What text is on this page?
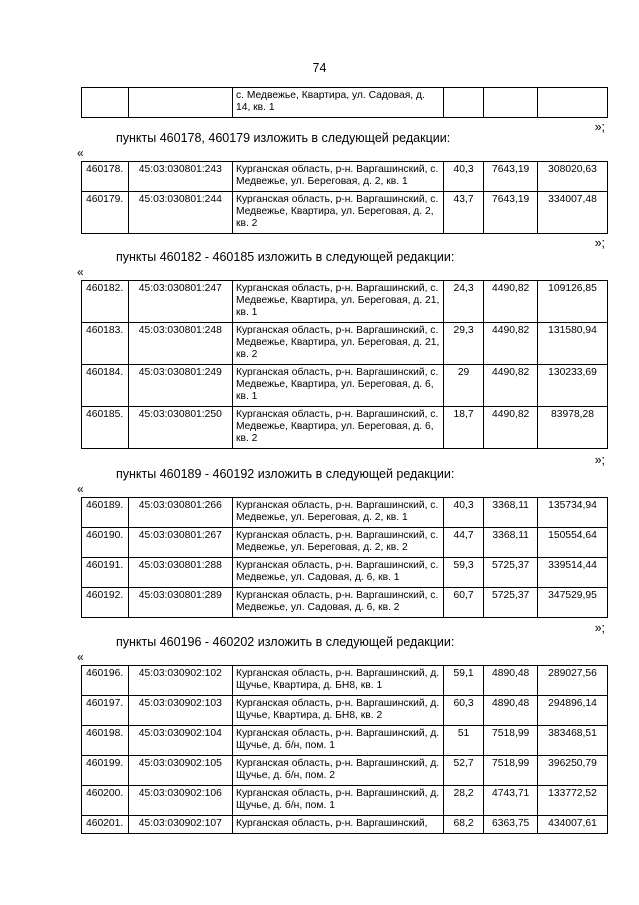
74
		с. Медвежье, Квартира, ул. Садовая, д. 14, кв. 1			
»;
пункты 460178, 460179 изложить в следующей редакции:
«
460178.	45:03:030801:243	Курганская область, р-н. Варгашинский, с. Медвежье, ул. Береговая, д. 2, кв. 1	40,3	7643,19	308020,63
460179.	45:03:030801:244	Курганская область, р-н. Варгашинский, с. Медвежье, Квартира, ул. Береговая, д. 2, кв. 2	43,7	7643,19	334007,48
»;
пункты 460182 - 460185 изложить в следующей редакции:
«
460182.	45:03:030801:247	Курганская область, р-н. Варгашинский, с. Медвежье, Квартира, ул. Береговая, д. 21, кв. 1	24,3	4490,82	109126,85
460183.	45:03:030801:248	Курганская область, р-н. Варгашинский, с. Медвежье, Квартира, ул. Береговая, д. 21, кв. 2	29,3	4490,82	131580,94
460184.	45:03:030801:249	Курганская область, р-н. Варгашинский, с. Медвежье, Квартира, ул. Береговая, д. 6, кв. 1	29	4490,82	130233,69
460185.	45:03:030801:250	Курганская область, р-н. Варгашинский, с. Медвежье, Квартира, ул. Береговая, д. 6, кв. 2	18,7	4490,82	83978,28
»;
пункты 460189 - 460192 изложить в следующей редакции:
«
460189.	45:03:030801:266	Курганская область, р-н. Варгашинский, с. Медвежье, ул. Береговая, д. 2, кв. 1	40,3	3368,11	135734,94
460190.	45:03:030801:267	Курганская область, р-н. Варгашинский, с. Медвежье, ул. Береговая, д. 2, кв. 2	44,7	3368,11	150554,64
460191.	45:03:030801:288	Курганская область, р-н. Варгашинский, с. Медвежье, ул. Садовая, д. 6, кв. 1	59,3	5725,37	339514,44
460192.	45:03:030801:289	Курганская область, р-н. Варгашинский, с. Медвежье, ул. Садовая, д. 6, кв. 2	60,7	5725,37	347529,95
»;
пункты 460196 - 460202 изложить в следующей редакции:
«
460196.	45:03:030902:102	Курганская область, р-н. Варгашинский, д. Щучье, Квартира, д. БН8, кв. 1	59,1	4890,48	289027,56
460197.	45:03:030902:103	Курганская область, р-н. Варгашинский, д. Щучье, Квартира, д. БН8, кв. 2	60,3	4890,48	294896,14
460198.	45:03:030902:104	Курганская область, р-н. Варгашинский, д. Щучье, д. б/н, пом. 1	51	7518,99	383468,51
460199.	45:03:030902:105	Курганская область, р-н. Варгашинский, д. Щучье, д. б/н, пом. 2	52,7	7518,99	396250,79
460200.	45:03:030902:106	Курганская область, р-н. Варгашинский, д. Щучье, д. б/н, пом. 1	28,2	4743,71	133772,52
460201.	45:03:030902:107	Курганская область, р-н. Варгашинский,	68,2	6363,75	434007,61
